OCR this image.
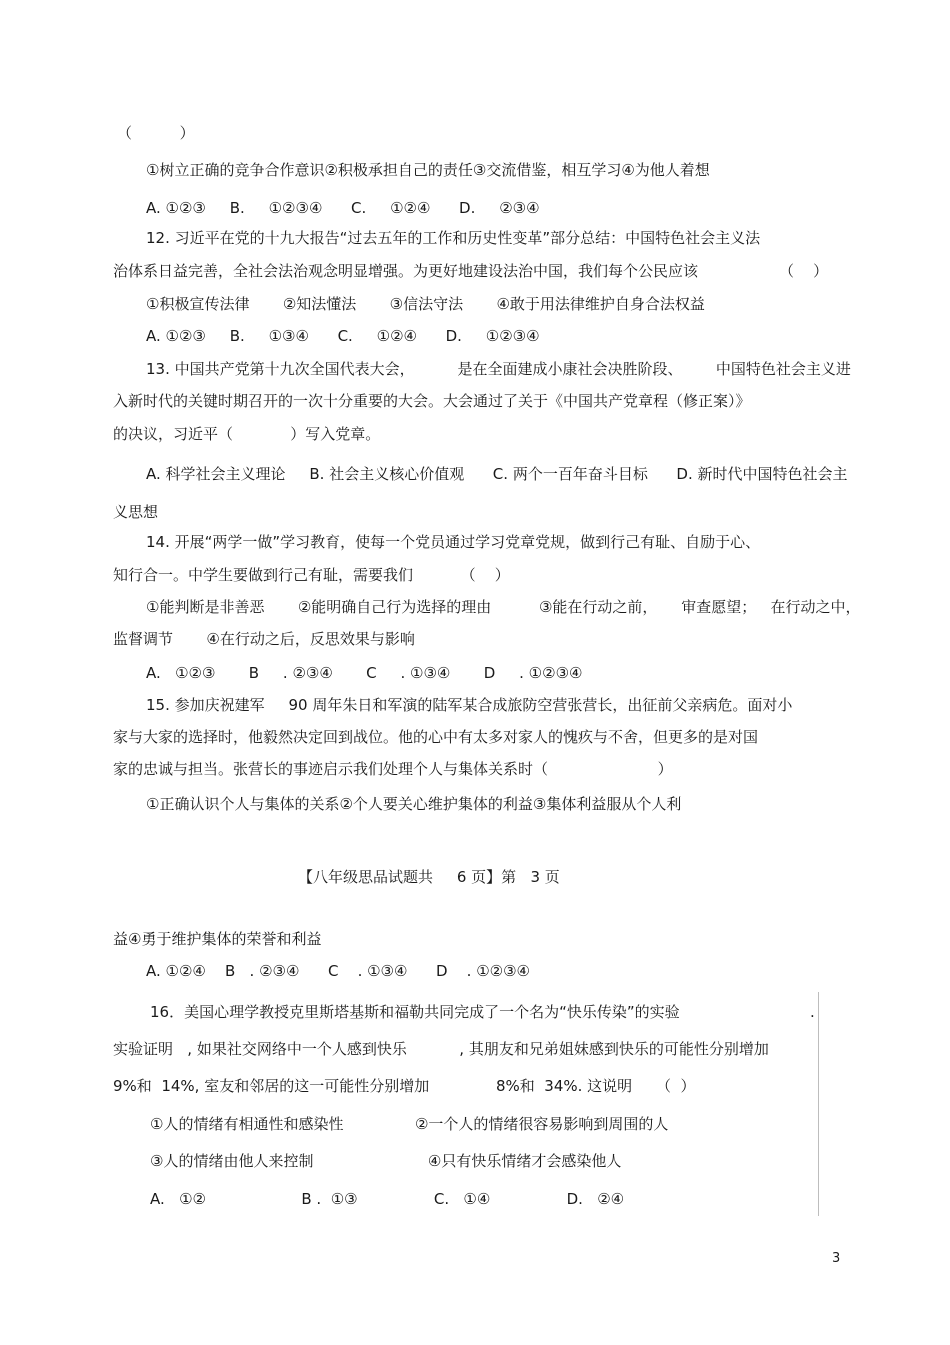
（          ）
①树立正确的竞争合作意识②积极承担自己的责任③交流借鉴，相互学习④为他人着想
A. ①②③     B.     ①②③④      C.     ①②④      D.     ②③④
12. 习近平在党的十九大报告“过去五年的工作和历史性变革”部分总结：中国特色社会主义法
治体系日益完善，全社会法治观念明显增强。为更好地建设法治中国，我们每个公民应该                 （    ）
①积极宣传法律       ②知法懂法       ③信法守法       ④敢于用法律维护自身合法权益
A. ①②③     B.     ①③④      C.     ①②④      D.     ①②③④
13. 中国共产党第十九次全国代表大会，         是在全面建成小康社会决胜阶段、       中国特色社会主义进
入新时代的关键时期召开的一次十分重要的大会。大会通过了关于《中国共产党章程（修正案）》
的决议，习近平（            ）写入党章。
A. 科学社会主义理论     B. 社会主义核心价值观      C. 两个一百年奋斗目标      D. 新时代中国特色社会主
义思想
14. 开展“两学一做”学习教育，使每一个党员通过学习党章党规，做到行己有耻、自励于心、
知行合一。中学生要做到行己有耻，需要我们          （    ）
①能判断是非善恶       ②能明确自己行为选择的理由          ③能在行动之前，     审查愿望；   在行动之中，
监督调节       ④在行动之后，反思效果与影响
A.   ①②③       B     . ②③④       C     . ①③④       D     . ①②③④
15. 参加庆祝建军     90 周年朱日和军演的陆军某合成旅防空营张营长，出征前父亲病危。面对小
家与大家的选择时，他毅然决定回到战位。他的心中有太多对家人的愧疚与不舍，但更多的是对国
家的忠诚与担当。张营长的事迹启示我们处理个人与集体关系时（                       ）
①正确认识个人与集体的关系②个人要关心维护集体的利益③集体利益服从个人利
【八年级思品试题共     6 页】第   3 页
益④勇于维护集体的荣誉和利益
A. ①②④    B   . ②③④      C    . ①③④      D    . ①②③④
16．美国心理学教授克里斯塔基斯和福勒共同完成了一个名为“快乐传染”的实验	.
实验证明   , 如果社交网络中一个人感到快乐           , 其朋友和兄弟姐妹感到快乐的可能性分别增加
9%和  14%, 室友和邻居的这一可能性分别增加              8%和  34%. 这说明     （  ）
①人的情绪有相通性和感染性               ②一个人的情绪很容易影响到周围的人
③人的情绪由他人来控制                        ④只有快乐情绪才会感染他人
A.   ①②                    B .  ①③                C.   ①④                D.   ②④
3
